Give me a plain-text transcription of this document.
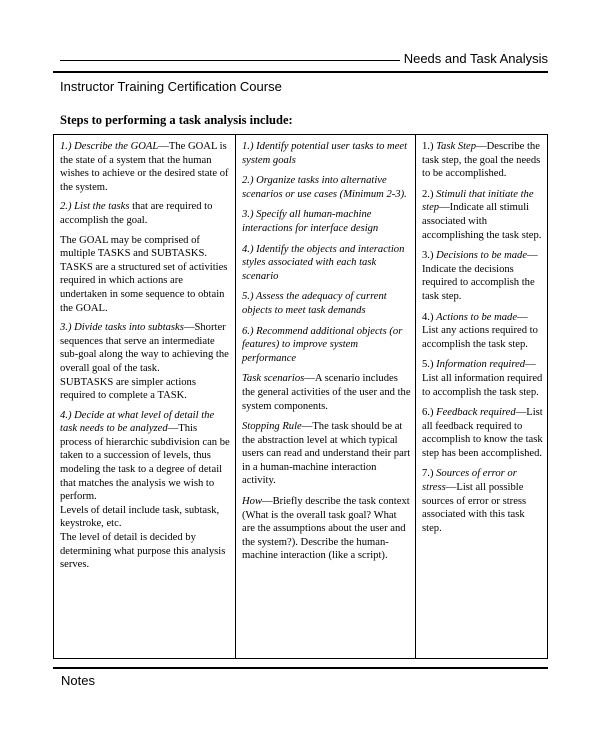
Needs and Task Analysis
Instructor Training Certification Course
Steps to performing a task analysis include:

1.) Describe the GOAL—The GOAL is the state of a system that the human wishes to achieve or the desired state of the system.

2.) List the tasks that are required to accomplish the goal.

The GOAL may be comprised of multiple TASKS and SUBTASKS. TASKS are a structured set of activities required in which actions are undertaken in some sequence to obtain the GOAL.

3.) Divide tasks into subtasks—Shorter sequences that serve an intermediate sub-goal along the way to achieving the overall goal of the task.

SUBTASKS are simpler actions required to complete a TASK.

4.) Decide at what level of detail the task needs to be analyzed—This process of hierarchic subdivision can be taken to a succession of levels, thus modeling the task to a degree of detail that matches the analysis we wish to perform.

Levels of detail include task, subtask, keystroke, etc.

The level of detail is decided by determining what purpose this analysis serves.

1.) Identify potential user tasks to meet system goals

2.) Organize tasks into alternative scenarios or use cases (Minimum 2-3).

3.) Specify all human-machine interactions for interface design

4.) Identify the objects and interaction styles associated with each task scenario

5.) Assess the adequacy of current objects to meet task demands

6.) Recommend additional objects (or features) to improve system performance

Task scenarios—A scenario includes the general activities of the user and the system components.

Stopping Rule—The task should be at the abstraction level at which typical users can read and understand their part in a human-machine interaction activity.

How—Briefly describe the task context (What is the overall task goal? What are the assumptions about the user and the system?). Describe the human-machine interaction (like a script).

1.) Task Step—Describe the task step, the goal the needs to be accomplished.

2.) Stimuli that initiate the step—Indicate all stimuli associated with accomplishing the task step.

3.) Decisions to be made—Indicate the decisions required to accomplish the task step.

4.) Actions to be made—List any actions required to accomplish the task step.

5.) Information required—List all information required to accomplish the task step.

6.) Feedback required—List all feedback required to accomplish to know the task step has been accomplished.

7.) Sources of error or stress—List all possible sources of error or stress associated with this task step.

Notes
